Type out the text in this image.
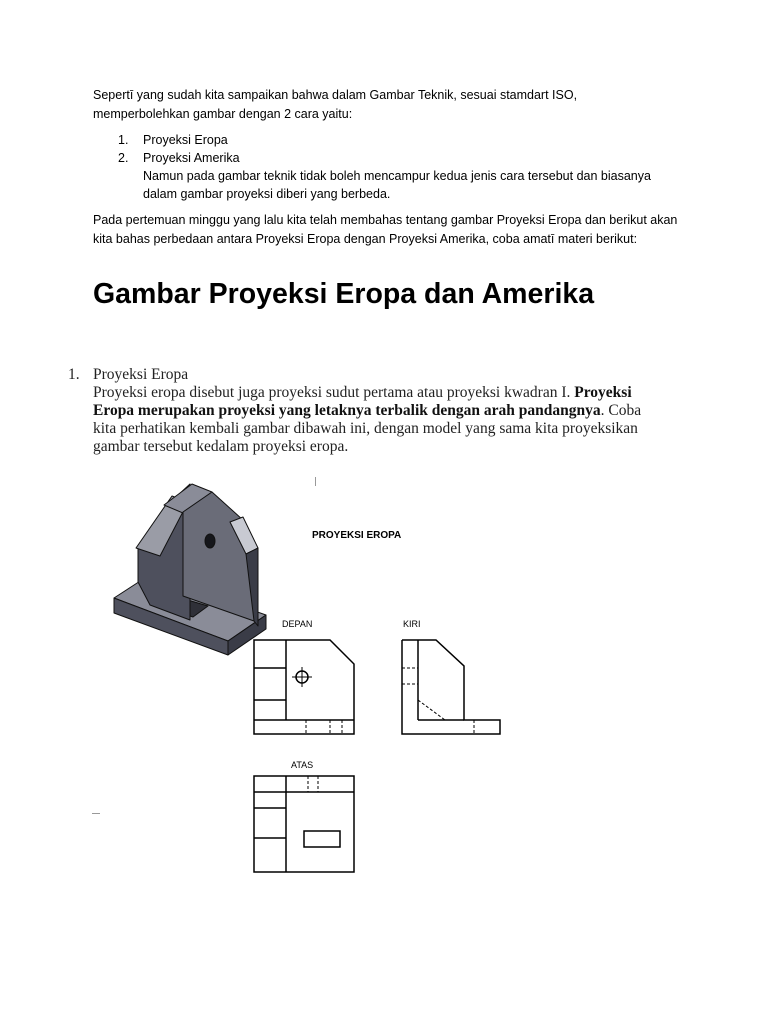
Sepertī yang sudah kita sampaikan bahwa dalam Gambar Teknik, sesuai stamdart ISO,
memperbolehkan gambar dengan 2 cara yaitu:
1.	Proyeksi Eropa
2.	Proyeksi Amerika
Namun pada gambar teknik tidak boleh mencampur kedua jenis cara tersebut dan biasanya dalam gambar proyeksi diberi yang berbeda.
Pada pertemuan minggu yang lalu kita telah membahas tentang gambar Proyeksi Eropa dan berikut akan kita bahas perbedaan antara Proyeksi Eropa dengan Proyeksi Amerika, coba amatī materi berikut:
Gambar Proyeksi Eropa dan Amerika
1. Proyeksi Eropa
Proyeksi eropa disebut juga proyeksi sudut pertama atau proyeksi kwadran I. Proyeksi Eropa merupakan proyeksi yang letaknya terbalik dengan arah pandangnya. Coba kita perhatikan kembali gambar dibawah ini, dengan model yang sama kita proyeksikan gambar tersebut kedalam proyeksi eropa.
PROYEKSI EROPA
DEPAN	KIRI
ATAS
